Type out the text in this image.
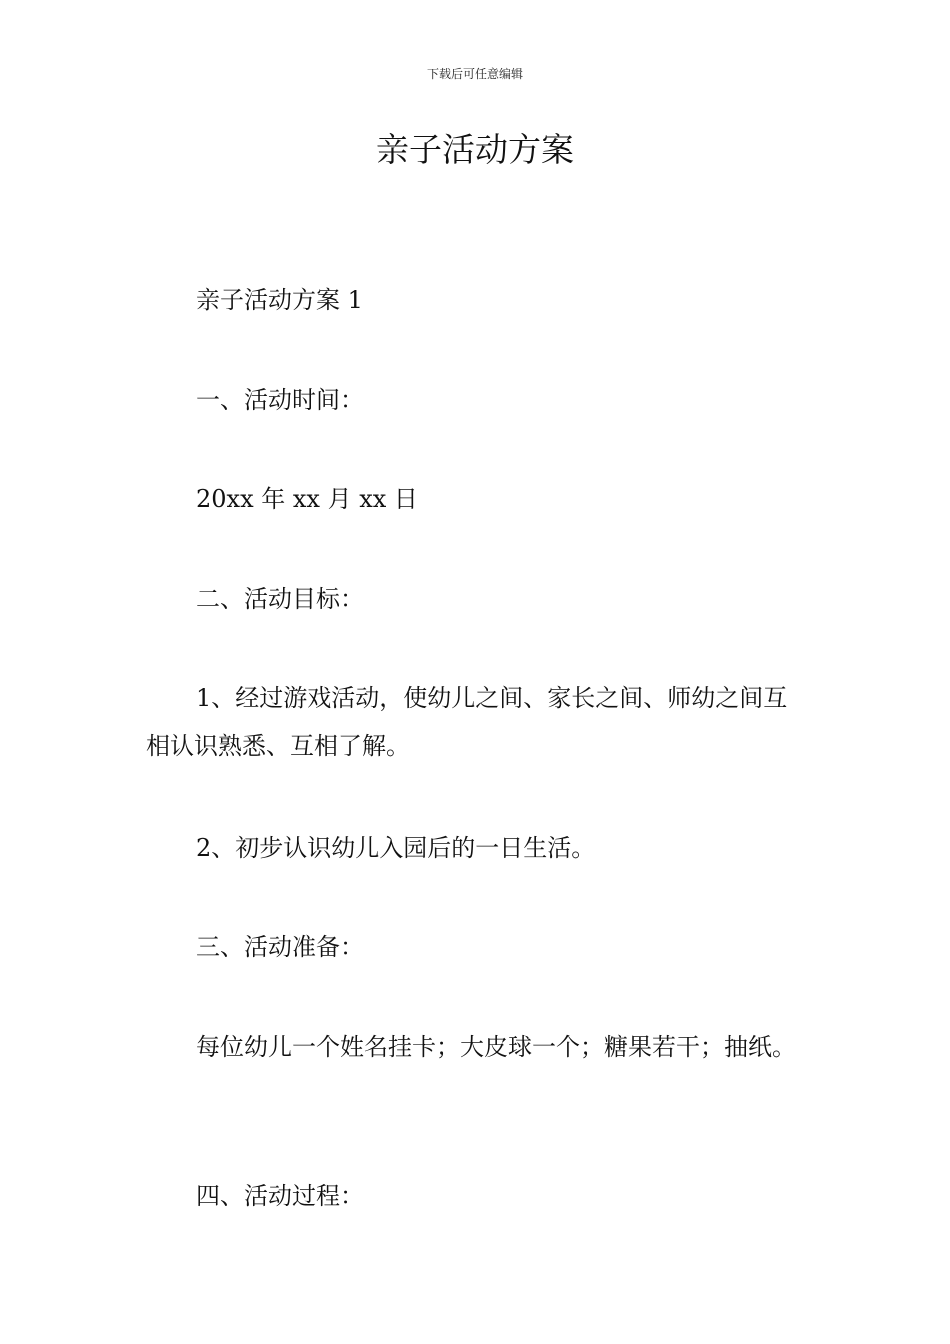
下载后可任意编辑
亲子活动方案

亲子活动方案 1

一、活动时间：

20xx 年 xx 月 xx 日

二、活动目标：

1、经过游戏活动，使幼儿之间、家长之间、师幼之间互相认识熟悉、互相了解。

2、初步认识幼儿入园后的一日生活。

三、活动准备：

每位幼儿一个姓名挂卡；大皮球一个；糖果若干；抽纸。

四、活动过程：
